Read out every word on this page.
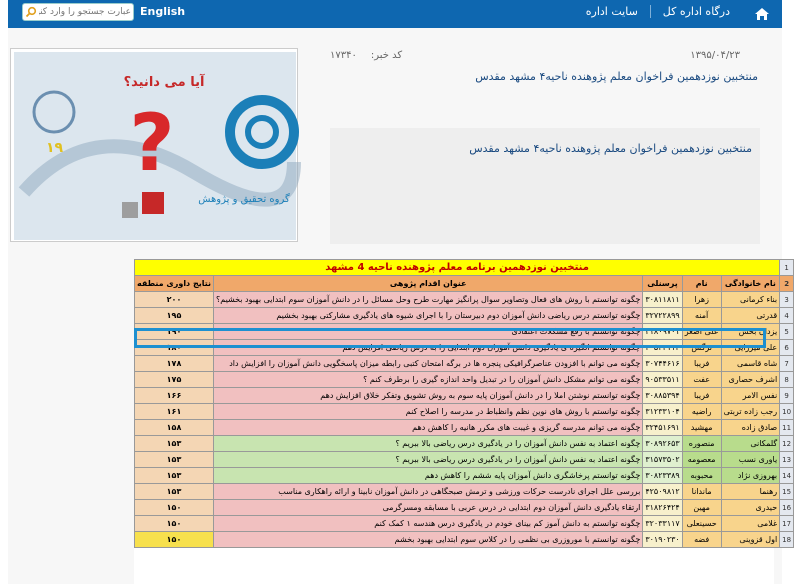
درگاه اداره کل
سایت اداره
English
عبارت جستجو را وارد کنید
۱۳۹۵/۰۴/۲۳
کد خبر:
۱۷۳۴۰
منتخبین نوزدهمین فراخوان معلم پژوهنده ناحیه۴ مشهد مقدس
?
۱۹
آیا می دانید؟
گروه تحقیق و پژوهش
منتخبین نوزدهمین فراخوان معلم پژوهنده ناحیه۴ مشهد مقدس
منتخبین نوزدهمین برنامه معلم پژوهنده ناحیه 4 مشهد					1
نتایج داوری منطقه	عنوان اقدام پژوهی	پرسنلی	نام	نام خانوادگی	2
۲۰۰	چگونه توانستم با روش های فعال وتصاویر سوال پرانگیز مهارت طرح وحل مسائل را در دانش آموزان سوم ابتدایی بهبود بخشیم؟	۳۰۸۱۱۸۱۱	زهرا	بناء کرمانی	3
۱۹۵	چگونه توانستم درس ریاضی دانش آموزان دوم دبیرستان را با اجرای شیوه های یادگیری مشارکتی بهبود بخشیم	۳۲۷۲۲۸۹۹	آمنه	قدرتی	4
۱۹۰	چگونه توانستم با رفع مشکلات اعتقادی	۳۱۸۰۹۷۰۱	علی اصغر	یزدان بخش	5
۱۸۰	چگونه توانستم انگیزه ی یادگیری دانش آموزان دوم ابتدایی را به درس ریاضی افزایش دهم	۳۰۵۴۴۱۱۲	نرگس	علی میرزایی	6
۱۷۸	چگونه می توانم با افزودن عناصرگرافیکی پنجره ها در برگه امتحان کتبی رابطه میزان پاسخگویی دانش آموزان را افزایش داد	۳۰۷۴۴۶۱۶	فریبا	شاه قاسمی	7
۱۷۵	چگونه می توانم مشکل دانش آموزان را در تبدیل واحد اندازه گیری را برطرف کنم ؟	۹۰۵۳۳۵۱۱	عفت	اشرف حصاری	8
۱۶۶	چگونه توانستم نوشتن املا را در دانش آموزان پایه سوم به روش تشویق وتفکر خلاق افزایش دهم	۳۰۸۸۵۳۹۴	فریبا	نفس الامر	9
۱۶۱	چگونه توانستم با روش های نوین نظم وانظباط در مدرسه را اصلاح کنم	۳۱۲۳۳۱۰۴	راضیه	رجب زاده تربتی	10
۱۵۸	چگونه می توانم مدرسه گریزی و غیبت های مکرر هانیه را کاهش دهم	۳۲۴۵۱۶۹۱	مهشید	صادق زاده	11
۱۵۳	چگونه اعتماد به نفس دانش آموزان را در یادگیری درس ریاضی بالا ببریم ؟	۳۰۸۹۲۶۵۳	منصوره	گلمکانی	12
۱۵۳	چگونه اعتماد به نفس دانش آموزان را در یادگیری درس ریاضی بالا ببریم ؟	۳۱۵۷۳۵۰۲	معصومه	یاوری نسب	13
۱۵۳	چگونه توانستم پرخاشگری دانش آموزان پایه ششم را کاهش دهم	۳۰۸۲۳۳۸۹	محبوبه	بهروزی نژاد	14
۱۵۳	بررسی علل اجرای نادرست حرکات ورزشی و ترمش صبحگاهی در دانش آموزان نابینا و ارائه راهکاری مناسب	۴۲۵۰۹۸۱۲	ماندانا	رهنما	15
۱۵۰	ارتقاء یادگیری دانش آموزان دوم ابتدایی در درس عربی با مسابقه ومسرگرمی	۳۱۸۲۶۴۲۴	مهین	حیدری	16
۱۵۰	چگونه توانستم به دانش آموز کم بینای خودم در یادگیری درس هندسه ۱ کمک کنم	۳۲۰۳۳۱۱۷	حسینعلی	غلامی	17
۱۵۰	چگونه توانستم با موروزری بی نظمی را در کلاس سوم ابتدایی بهبود بخشم	۳۰۱۹۰۲۳۰	فضه	اول قزوینی	18
